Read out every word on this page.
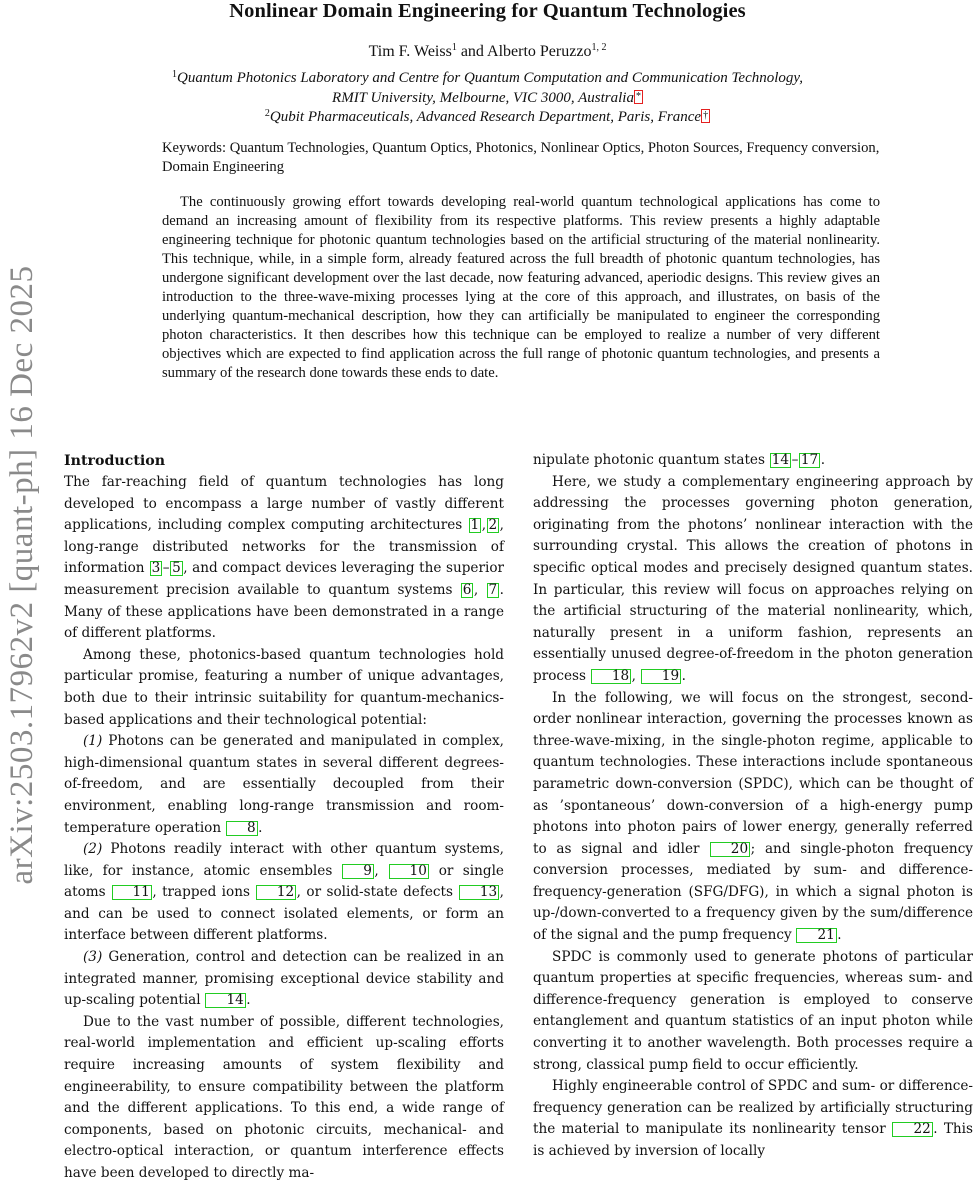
arXiv:2503.17962v2 [quant-ph] 16 Dec 2025
Nonlinear Domain Engineering for Quantum Technologies
Tim F. Weiss$^1$ and Alberto Peruzzo$^{1, 2}$
$^1$Quantum Photonics Laboratory and Centre for Quantum Computation and Communication Technology,
RMIT University, Melbourne, VIC 3000, Australia *
$^2$Qubit Pharmaceuticals, Advanced Research Department, Paris, France †
Keywords: Quantum Technologies, Quantum Optics, Photonics, Nonlinear Optics, Photon Sources, Frequency conversion, Domain Engineering
The continuously growing effort towards developing real-world quantum technological applications has come to demand an increasing amount of flexibility from its respective platforms. This review presents a highly adaptable engineering technique for photonic quantum technologies based on the artificial structuring of the material nonlinearity. This technique, while, in a simple form, already featured across the full breadth of photonic quantum technologies, has undergone significant development over the last decade, now featuring advanced, aperiodic designs. This review gives an introduction to the three-wave-mixing processes lying at the core of this approach, and illustrates, on basis of the underlying quantum-mechanical description, how they can artificially be manipulated to engineer the corresponding photon characteristics. It then describes how this technique can be employed to realize a number of very different objectives which are expected to find application across the full range of photonic quantum technologies, and presents a summary of the research done towards these ends to date.
Introduction

The far-reaching field of quantum technologies has long developed to encompass a large number of vastly different applications, including complex computing architectures 1 , 2 , long-range distributed networks for the transmission of information 3 – 5 , and compact devices leveraging the superior measurement precision available to quantum systems 6 , 7 . Many of these applications have been demonstrated in a range of different platforms.

Among these, photonics-based quantum technologies hold particular promise, featuring a number of unique advantages, both due to their intrinsic suitability for quantum-mechanics-based applications and their technological potential:

(1) Photons can be generated and manipulated in complex, high-dimensional quantum states in several different degrees-of-freedom, and are essentially decoupled from their environment, enabling long-range transmission and room-temperature operation 8 .

(2) Photons readily interact with other quantum systems, like, for instance, atomic ensembles 9 , 10 or single atoms 11 , trapped ions 12 , or solid-state defects 13 , and can be used to connect isolated elements, or form an interface between different platforms.

(3) Generation, control and detection can be realized in an integrated manner, promising exceptional device stability and up-scaling potential 14 .

Due to the vast number of possible, different technologies, real-world implementation and efficient up-scaling efforts require increasing amounts of system flexibility and engineerability, to ensure compatibility between the platform and the different applications. To this end, a wide range of components, based on photonic circuits, mechanical- and electro-optical interaction, or quantum interference effects have been developed to directly ma-

nipulate photonic quantum states 14 – 17 .

Here, we study a complementary engineering approach by addressing the processes governing photon generation, originating from the photons’ nonlinear interaction with the surrounding crystal. This allows the creation of photons in specific optical modes and precisely designed quantum states. In particular, this review will focus on approaches relying on the artificial structuring of the material nonlinearity, which, naturally present in a uniform fashion, represents an essentially unused degree-of-freedom in the photon generation process 18 , 19 .

In the following, we will focus on the strongest, second-order nonlinear interaction, governing the processes known as three-wave-mixing, in the single-photon regime, applicable to quantum technologies. These interactions include spontaneous parametric down-conversion (SPDC), which can be thought of as ’spontaneous’ down-conversion of a high-energy pump photons into photon pairs of lower energy, generally referred to as signal and idler 20 ; and single-photon frequency conversion processes, mediated by sum- and difference-frequency-generation (SFG/DFG), in which a signal photon is up-/down-converted to a frequency given by the sum/difference of the signal and the pump frequency 21 .

SPDC is commonly used to generate photons of particular quantum properties at specific frequencies, whereas sum- and difference-frequency generation is employed to conserve entanglement and quantum statistics of an input photon while converting it to another wavelength. Both processes require a strong, classical pump field to occur efficiently.

Highly engineerable control of SPDC and sum- or difference-frequency generation can be realized by artificially structuring the material to manipulate its nonlinearity tensor 22 . This is achieved by inversion of locally
